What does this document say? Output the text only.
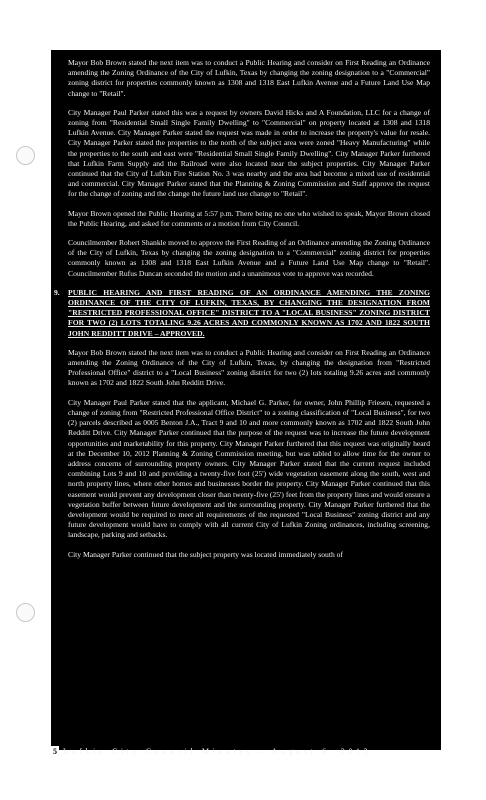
Mayor Bob Brown stated the next item was to conduct a Public Hearing and consider on First Reading an Ordinance amending the Zoning Ordinance of the City of Lufkin, Texas by changing the zoning designation to a "Commercial" zoning district for properties commonly known as 1308 and 1318 East Lufkin Avenue and a Future Land Use Map change to "Retail".

City Manager Paul Parker stated this was a request by owners David Hicks and A Foundation, LLC for a change of zoning from "Residential Small Single Family Dwelling" to "Commercial" on property located at 1308 and 1318 Lufkin Avenue. City Manager Parker stated the request was made in order to increase the property's value for resale. City Manager Parker stated the properties to the north of the subject area were zoned "Heavy Manufacturing" while the properties to the south and east were "Residential Small Single Family Dwelling". City Manager Parker furthered that Lufkin Farm Supply and the Railroad were also located near the subject properties. City Manager Parker continued that the City of Lufkin Fire Station No. 3 was nearby and the area had become a mixed use of residential and commercial. City Manager Parker stated that the Planning & Zoning Commission and Staff approve the request for the change of zoning and the change the future land use change to "Retail".

Mayor Brown opened the Public Hearing at 5:57 p.m. There being no one who wished to speak, Mayor Brown closed the Public Hearing, and asked for comments or a motion from City Council.

Councilmember Robert Shankle moved to approve the First Reading of an Ordinance amending the Zoning Ordinance of the City of Lufkin, Texas by changing the zoning designation to a "Commercial" zoning district for properties commonly known as 1308 and 1318 East Lufkin Avenue and a Future Land Use Map change to "Retail". Councilmember Rufus Duncan seconded the motion and a unanimous vote to approve was recorded.

9. PUBLIC HEARING AND FIRST READING OF AN ORDINANCE AMENDING THE ZONING ORDINANCE OF THE CITY OF LUFKIN, TEXAS, BY CHANGING THE DESIGNATION FROM "RESTRICTED PROFESSIONAL OFFICE" DISTRICT TO A "LOCAL BUSINESS" ZONING DISTRICT FOR TWO (2) LOTS TOTALING 9.26 ACRES AND COMMONLY KNOWN AS 1702 AND 1822 SOUTH JOHN REDDITT DRIVE – APPROVED.

Mayor Bob Brown stated the next item was to conduct a Public Hearing and consider on First Reading an Ordinance amending the Zoning Ordinance of the City of Lufkin, Texas, by changing the designation from "Restricted Professional Office" district to a "Local Business" zoning district for two (2) lots totaling 9.26 acres and commonly known as 1702 and 1822 South John Redditt Drive.

City Manager Paul Parker stated that the applicant, Michael G. Parker, for owner, John Phillip Friesen, requested a change of zoning from "Restricted Professional Office District" to a zoning classification of "Local Business", for two (2) parcels described as 0005 Benton J.A., Tract 9 and 10 and more commonly known as 1702 and 1822 South John Redditt Drive. City Manager Parker continued that the purpose of the request was to increase the future development opportunities and marketability for this property. City Manager Parker furthered that this request was originally heard at the December 10, 2012 Planning & Zoning Commission meeting, but was tabled to allow time for the owner to address concerns of surrounding property owners. City Manager Parker stated that the current request included combining Lots 9 and 10 and providing a twenty-five foot (25') wide vegetation easement along the south, west and north property lines, where other homes and businesses border the property. City Manager Parker continued that this easement would prevent any development closer than twenty-five (25') feet from the property lines and would ensure a vegetation buffer between future development and the surrounding property. City Manager Parker furthered that the development would be required to meet all requirements of the requested "Local Business" zoning district and any future development would have to comply with all current City of Lufkin Zoning ordinances, including screening, landscape, parking and setbacks.

City Manager Parker continued that the subject property was located immediately south of

5 Lufkin City Council Minutes – August 6, 2013
